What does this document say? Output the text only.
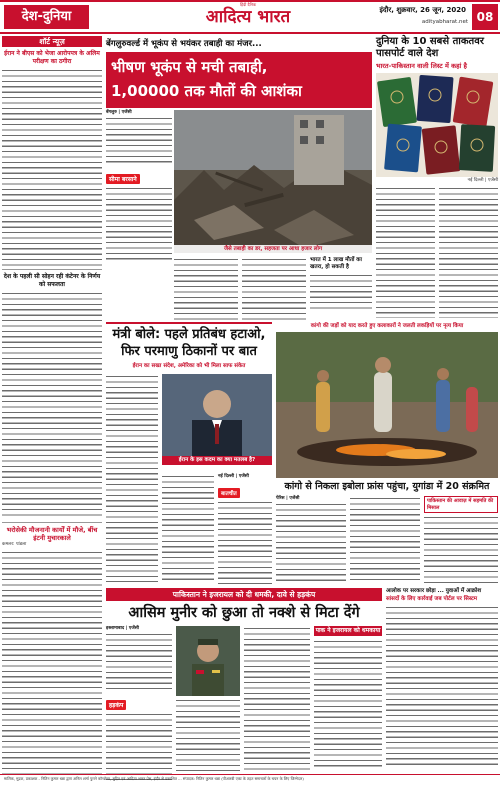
देश-दुनिया
हिंदी दैनिक
आदित्य भारत	इंदौर, शुक्रवार, 26 जून, 2020 08
adityabharat.net
शॉर्ट न्यूज़
ईरान ने बीएस को भेजा आरोपपत्र के अलिम परीक्षण का ठगीरा
देश के पहली सी सोहन रही कंटेनर के निर्णय को सफलता
भरोसेकी मौजनानी कार्यों में मौजे, बींच इंटनी मुचारकाले
कमलर: पांडला
बेंगलुरुवर्ल्ड में भूकंप से भयंकर तबाही का मंजर...
भीषण भूकंप से मची तबाही,
1,00000 तक मौतों की आशंका
बेंगलुरु | एजेंसी
सीमा बरसाने
जैसे तबाही का डर, सहजता पर आधा हजार लोग
भारत में 1 लाख मौतों का खतरा, हो सकती है
दुनिया के 10 सबसे ताकतवर पासपोर्ट वाले देश
भारत-पाकिस्तान वाली लिस्ट में कहां है
नई दिल्ली | एजेंसी
मंत्री बोले: पहले प्रतिबंध हटाओ,
फिर परमाणु ठिकानों पर बात
ईरान का सख्त संदेश, अमेरिका को भी मिला साफ संकेत
ईरान के इस कदम का क्या मतलब है?
नई दिल्ली | एजेंसी
बातचीत
कांगो की जड़ों को याद करते हुए कलाकारों ने जलती लकड़ियों पर नृत्य किया
कांगो से निकला इबोला फ्रांस पहुंचा, युगांडा में 20 संक्रमित
पेरिस | एजेंसी	पाकिस्तान की आवाज़ में सहमति की मिसाल
पाकिस्तान ने इजरायल को दी धमकी, दावे से हड़कंप
आसिम मुनीर को छुआ तो नक्शे से मिटा देंगे
इस्लामाबाद | एजेंसी
हड़कंप
पाक ने इजरायल को धमकाया
आलोक पर सरकार छोड़ा ... युवाओं में आक्रोश
सांसदों के लिए कार्रवाई जब पोर्टल पर सिस्टम
मालिक, मुद्रक, प्रकाशक - नितिन कुमार धन्ना द्वारा अनिल शर्मा पुराने कॉन्डोमर, मुद्रित एवं आदित्य भारत प्रेस, इंदौर से प्रकाशित ... संपादक: नितिन कुमार धन्ना (पीआरबी एक्ट के तहत समाचारों के चयन के लिए जिम्मेदार)
